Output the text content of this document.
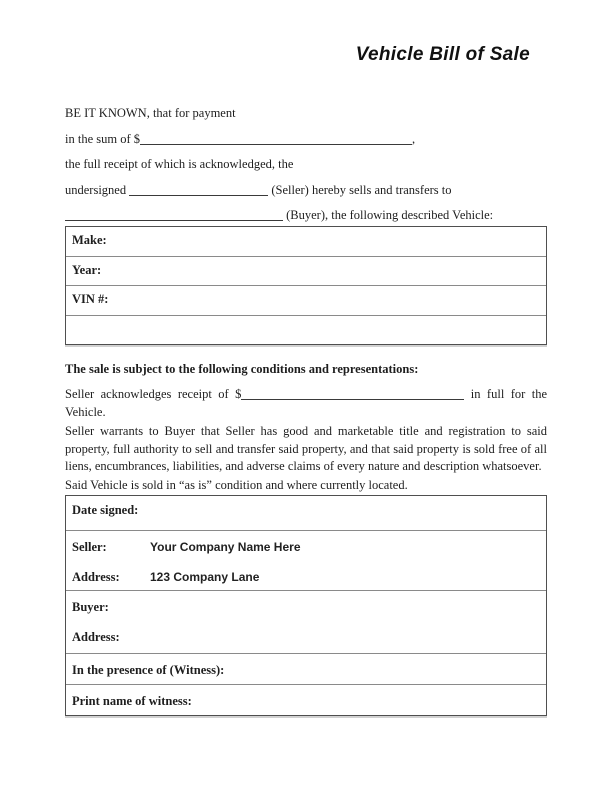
Vehicle Bill of Sale

BE IT KNOWN, that for payment

in the sum of $	,

the full receipt of which is acknowledged, the

undersigned	(Seller) hereby sells and transfers to

(Buyer), the following described Vehicle:

Make:
Year:
VIN #:

The sale is subject to the following conditions and representations:

Seller acknowledges receipt of $	in full for the Vehicle.

Seller warrants to Buyer that Seller has good and marketable title and registration to said property, full authority to sell and transfer said property, and that said property is sold free of all liens, encumbrances, liabilities, and adverse claims of every nature and description whatsoever.

Said Vehicle is sold in “as is” condition and where currently located.

Date signed:
Seller:	Your Company Name Here
Address:	123 Company Lane
Buyer:
Address:
In the presence of (Witness):
Print name of witness:
